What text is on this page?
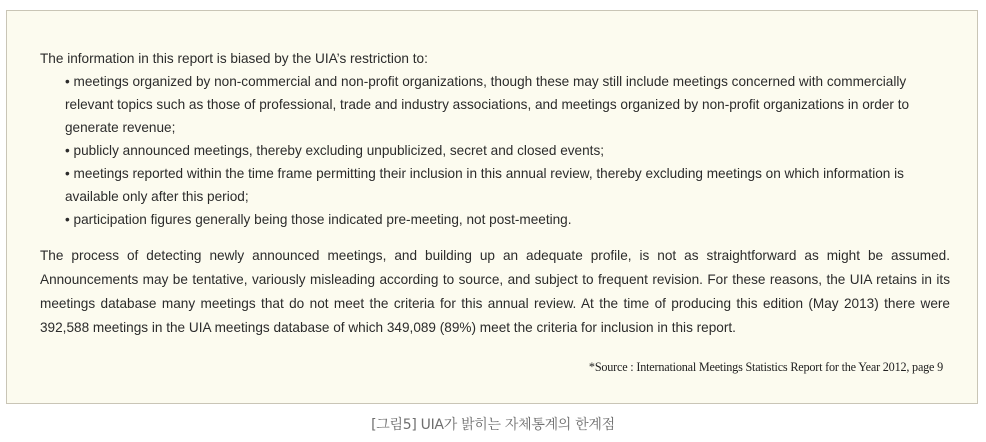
The information in this report is biased by the UIA’s restriction to:
• meetings organized by non-commercial and non-profit organizations, though these may still include meetings concerned with commercially relevant topics such as those of professional, trade and industry associations, and meetings organized by non-profit organizations in order to generate revenue;
• publicly announced meetings, thereby excluding unpublicized, secret and closed events;
• meetings reported within the time frame permitting their inclusion in this annual review, thereby excluding meetings on which information is available only after this period;
• participation figures generally being those indicated pre-meeting, not post-meeting.
The process of detecting newly announced meetings, and building up an adequate profile, is not as straightforward as might be assumed. Announcements may be tentative, variously misleading according to source, and subject to frequent revision. For these reasons, the UIA retains in its meetings database many meetings that do not meet the criteria for this annual review. At the time of producing this edition (May 2013) there were 392,588 meetings in the UIA meetings database of which 349,089 (89%) meet the criteria for inclusion in this report.
*Source : International Meetings Statistics Report for the Year 2012, page 9
[그림5] UIA가 밝히는 자체통계의 한계점
